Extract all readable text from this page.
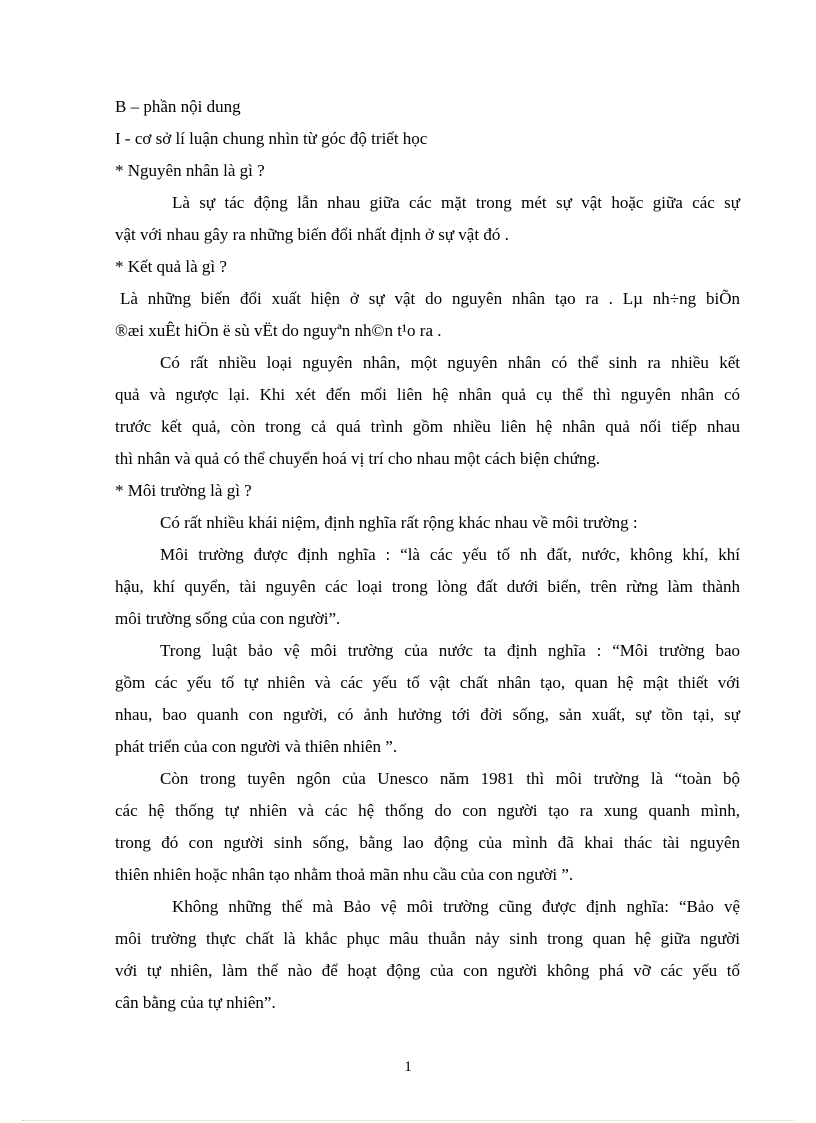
B – phần nội dung
I - cơ sở lí luận chung nhìn từ góc độ triết học
* Nguyên nhân là gì ?
Là sự tác động lẫn nhau giữa các mặt trong mét sự vật hoặc giữa các sự
vật với nhau gây ra những biến đổi nhất định ở sự vật đó .
* Kết quả là gì ?
Là những biến đổi xuất hiện ở sự vật do nguyên nhân tạo ra . Lµ nh÷ng biÕn
®æi xuÊt hiÖn ë sù vËt do nguyªn nh©n t¹o ra .
Có rất nhiều loại nguyên nhân, một nguyên nhân có thể sinh ra nhiều kết
quả và ngược lại. Khi xét đến mối liên hệ nhân quả cụ thể thì nguyên nhân có
trước kết quả, còn trong cả quá trình gồm nhiều liên hệ nhân quả nối tiếp nhau
thì nhân và quả có thể chuyển hoá vị trí cho nhau một cách biện chứng.
* Môi trường là gì ?
Có rất nhiều khái niệm, định nghĩa rất rộng khác nhau về môi trường :
Môi trường được định nghĩa : “là các yếu tố nh đất, nước, không khí, khí
hậu, khí quyển, tài nguyên các loại trong lòng đất dưới biển, trên rừng làm thành
môi trường sống của con người”.
Trong luật bảo vệ môi trường của nước ta định nghĩa : “Môi trường bao
gồm các yếu tố tự nhiên và các yếu tố vật chất nhân tạo, quan hệ mật thiết với
nhau, bao quanh con người, có ảnh hưởng tới đời sống, sản xuất, sự tồn tại, sự
phát triển của con người và thiên nhiên ”.
Còn trong tuyên ngôn của Unesco năm 1981 thì môi trường là “toàn bộ
các hệ thống tự nhiên và các hệ thống do con người tạo ra xung quanh mình,
trong đó con người sinh sống, bằng lao động của mình đã khai thác tài nguyên
thiên nhiên hoặc nhân tạo nhằm thoả mãn nhu cầu của con người ”.
Không những thế mà Bảo vệ môi trường cũng được định nghĩa: “Bảo vệ
môi trường thực chất là khắc phục mâu thuẫn nảy sinh trong quan hệ giữa người
với tự nhiên, làm thế nào để hoạt động của con người không phá vỡ các yếu tố
cân bằng của tự nhiên”.
1
